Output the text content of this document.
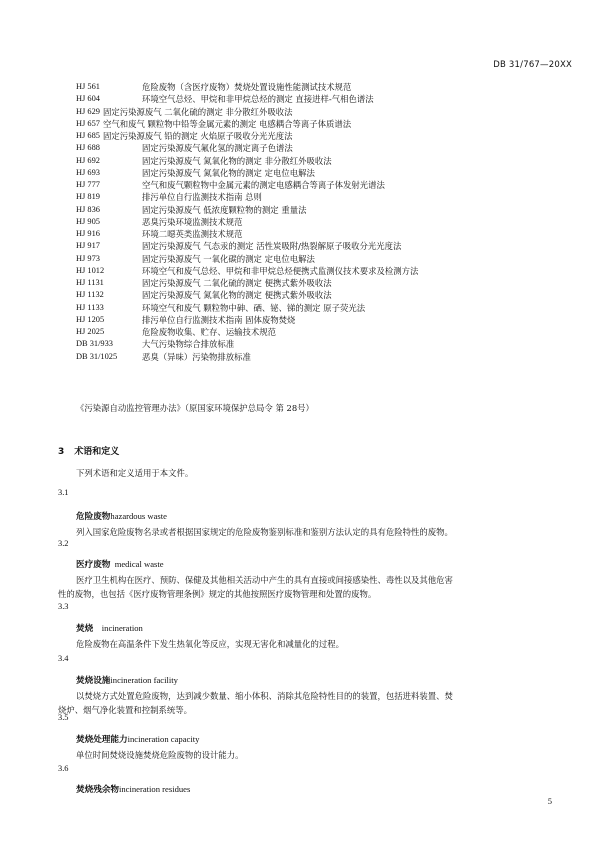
DB 31/767—20XX
HJ 561	危险废物（含医疗废物）焚烧处置设施性能测试技术规范
HJ 604	环境空气总烃、甲烷和非甲烷总烃的测定 直接进样-气相色谱法
HJ 629 固定污染源废气 二氧化硫的测定 非分散红外吸收法
HJ 657 空气和废气 颗粒物中铅等金属元素的测定 电感耦合等离子体质谱法
HJ 685 固定污染源废气 铅的测定 火焰原子吸收分光光度法
HJ 688	固定污染源废气氟化氢的测定离子色谱法
HJ 692	固定污染源废气 氮氧化物的测定 非分散红外吸收法
HJ 693	固定污染源废气 氮氧化物的测定 定电位电解法
HJ 777	空气和废气颗粒物中金属元素的测定电感耦合等离子体发射光谱法
HJ 819	排污单位自行监测技术指南 总则
HJ 836	固定污染源废气 低浓度颗粒物的测定 重量法
HJ 905	恶臭污染环境监测技术规范
HJ 916	环境二噁英类监测技术规范
HJ 917	固定污染源废气 气态汞的测定 活性炭吸附/热裂解原子吸收分光光度法
HJ 973	固定污染源废气 一氧化碳的测定 定电位电解法
HJ 1012	环境空气和废气总烃、甲烷和非甲烷总烃便携式监测仪技术要求及检测方法
HJ 1131	固定污染源废气 二氧化硫的测定 便携式紫外吸收法
HJ 1132	固定污染源废气 氮氧化物的测定 便携式紫外吸收法
HJ 1133	环境空气和废气 颗粒物中砷、硒、铋、锑的测定 原子荧光法
HJ 1205	排污单位自行监测技术指南 固体废物焚烧
HJ 2025	危险废物收集、贮存、运输技术规范
DB 31/933	大气污染物综合排放标准
DB 31/1025	恶臭（异味）污染物排放标准
《污染源自动监控管理办法》（原国家环境保护总局令 第 28号）
3 术语和定义
下列术语和定义适用于本文件。
3.1
危险废物hazardous waste
列入国家危险废物名录或者根据国家规定的危险废物鉴别标准和鉴别方法认定的具有危险特性的废物。
3.2
医疗废物  medical waste
医疗卫生机构在医疗、预防、保健及其他相关活动中产生的具有直接或间接感染性、毒性以及其他危害
性的废物，也包括《医疗废物管理条例》规定的其他按照医疗废物管理和处置的废物。
3.3
焚烧    incineration
危险废物在高温条件下发生热氧化等反应，实现无害化和减量化的过程。
3.4
焚烧设施incineration facility
以焚烧方式处置危险废物，达到减少数量、缩小体积、消除其危险特性目的的装置，包括进料装置、焚
烧炉、烟气净化装置和控制系统等。
3.5
焚烧处理能力incineration capacity
单位时间焚烧设施焚烧危险废物的设计能力。
3.6
焚烧残余物incineration residues
5
